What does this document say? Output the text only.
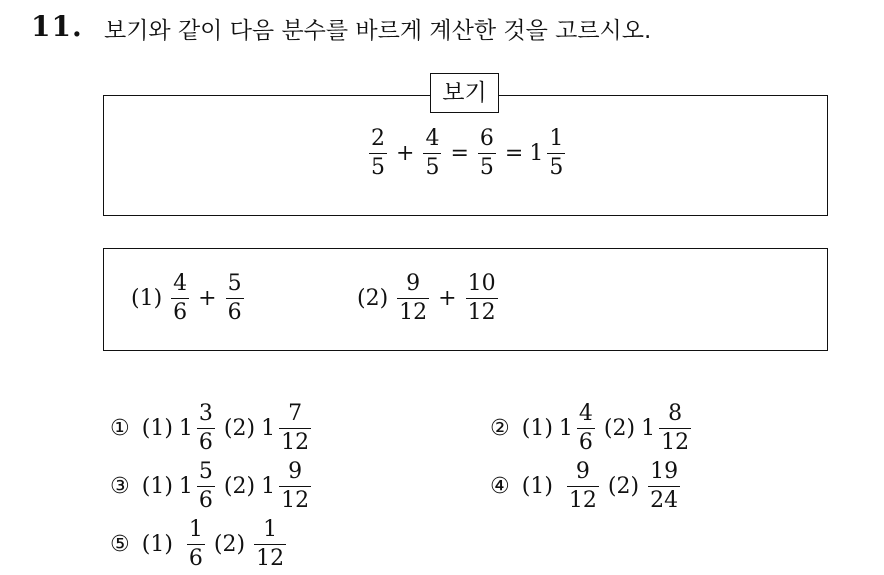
11. 보기와 같이 다음 분수를 바르게 계산한 것을 고르시오.
보기
$\frac{2}{5} + \frac{4}{5} = \frac{6}{5} = 1 \frac{1}{5}$
$(1) \frac{4}{6} + \frac{5}{6}$	$(2) \frac{9}{12} + \frac{10}{12}$
① (1) $1 \frac{3}{6} (2)$ $1 \frac{7}{12}$	② (1) $1 \frac{4}{6} (2)$ $1 \frac{8}{12}$
③ (1) $1 \frac{5}{6} (2)$ $1 \frac{9}{12}$	④ $(1) \frac{9}{12} (2) \frac{19}{24}$
⑤ $(1) \frac{1}{6} (2) \frac{1}{12}$
